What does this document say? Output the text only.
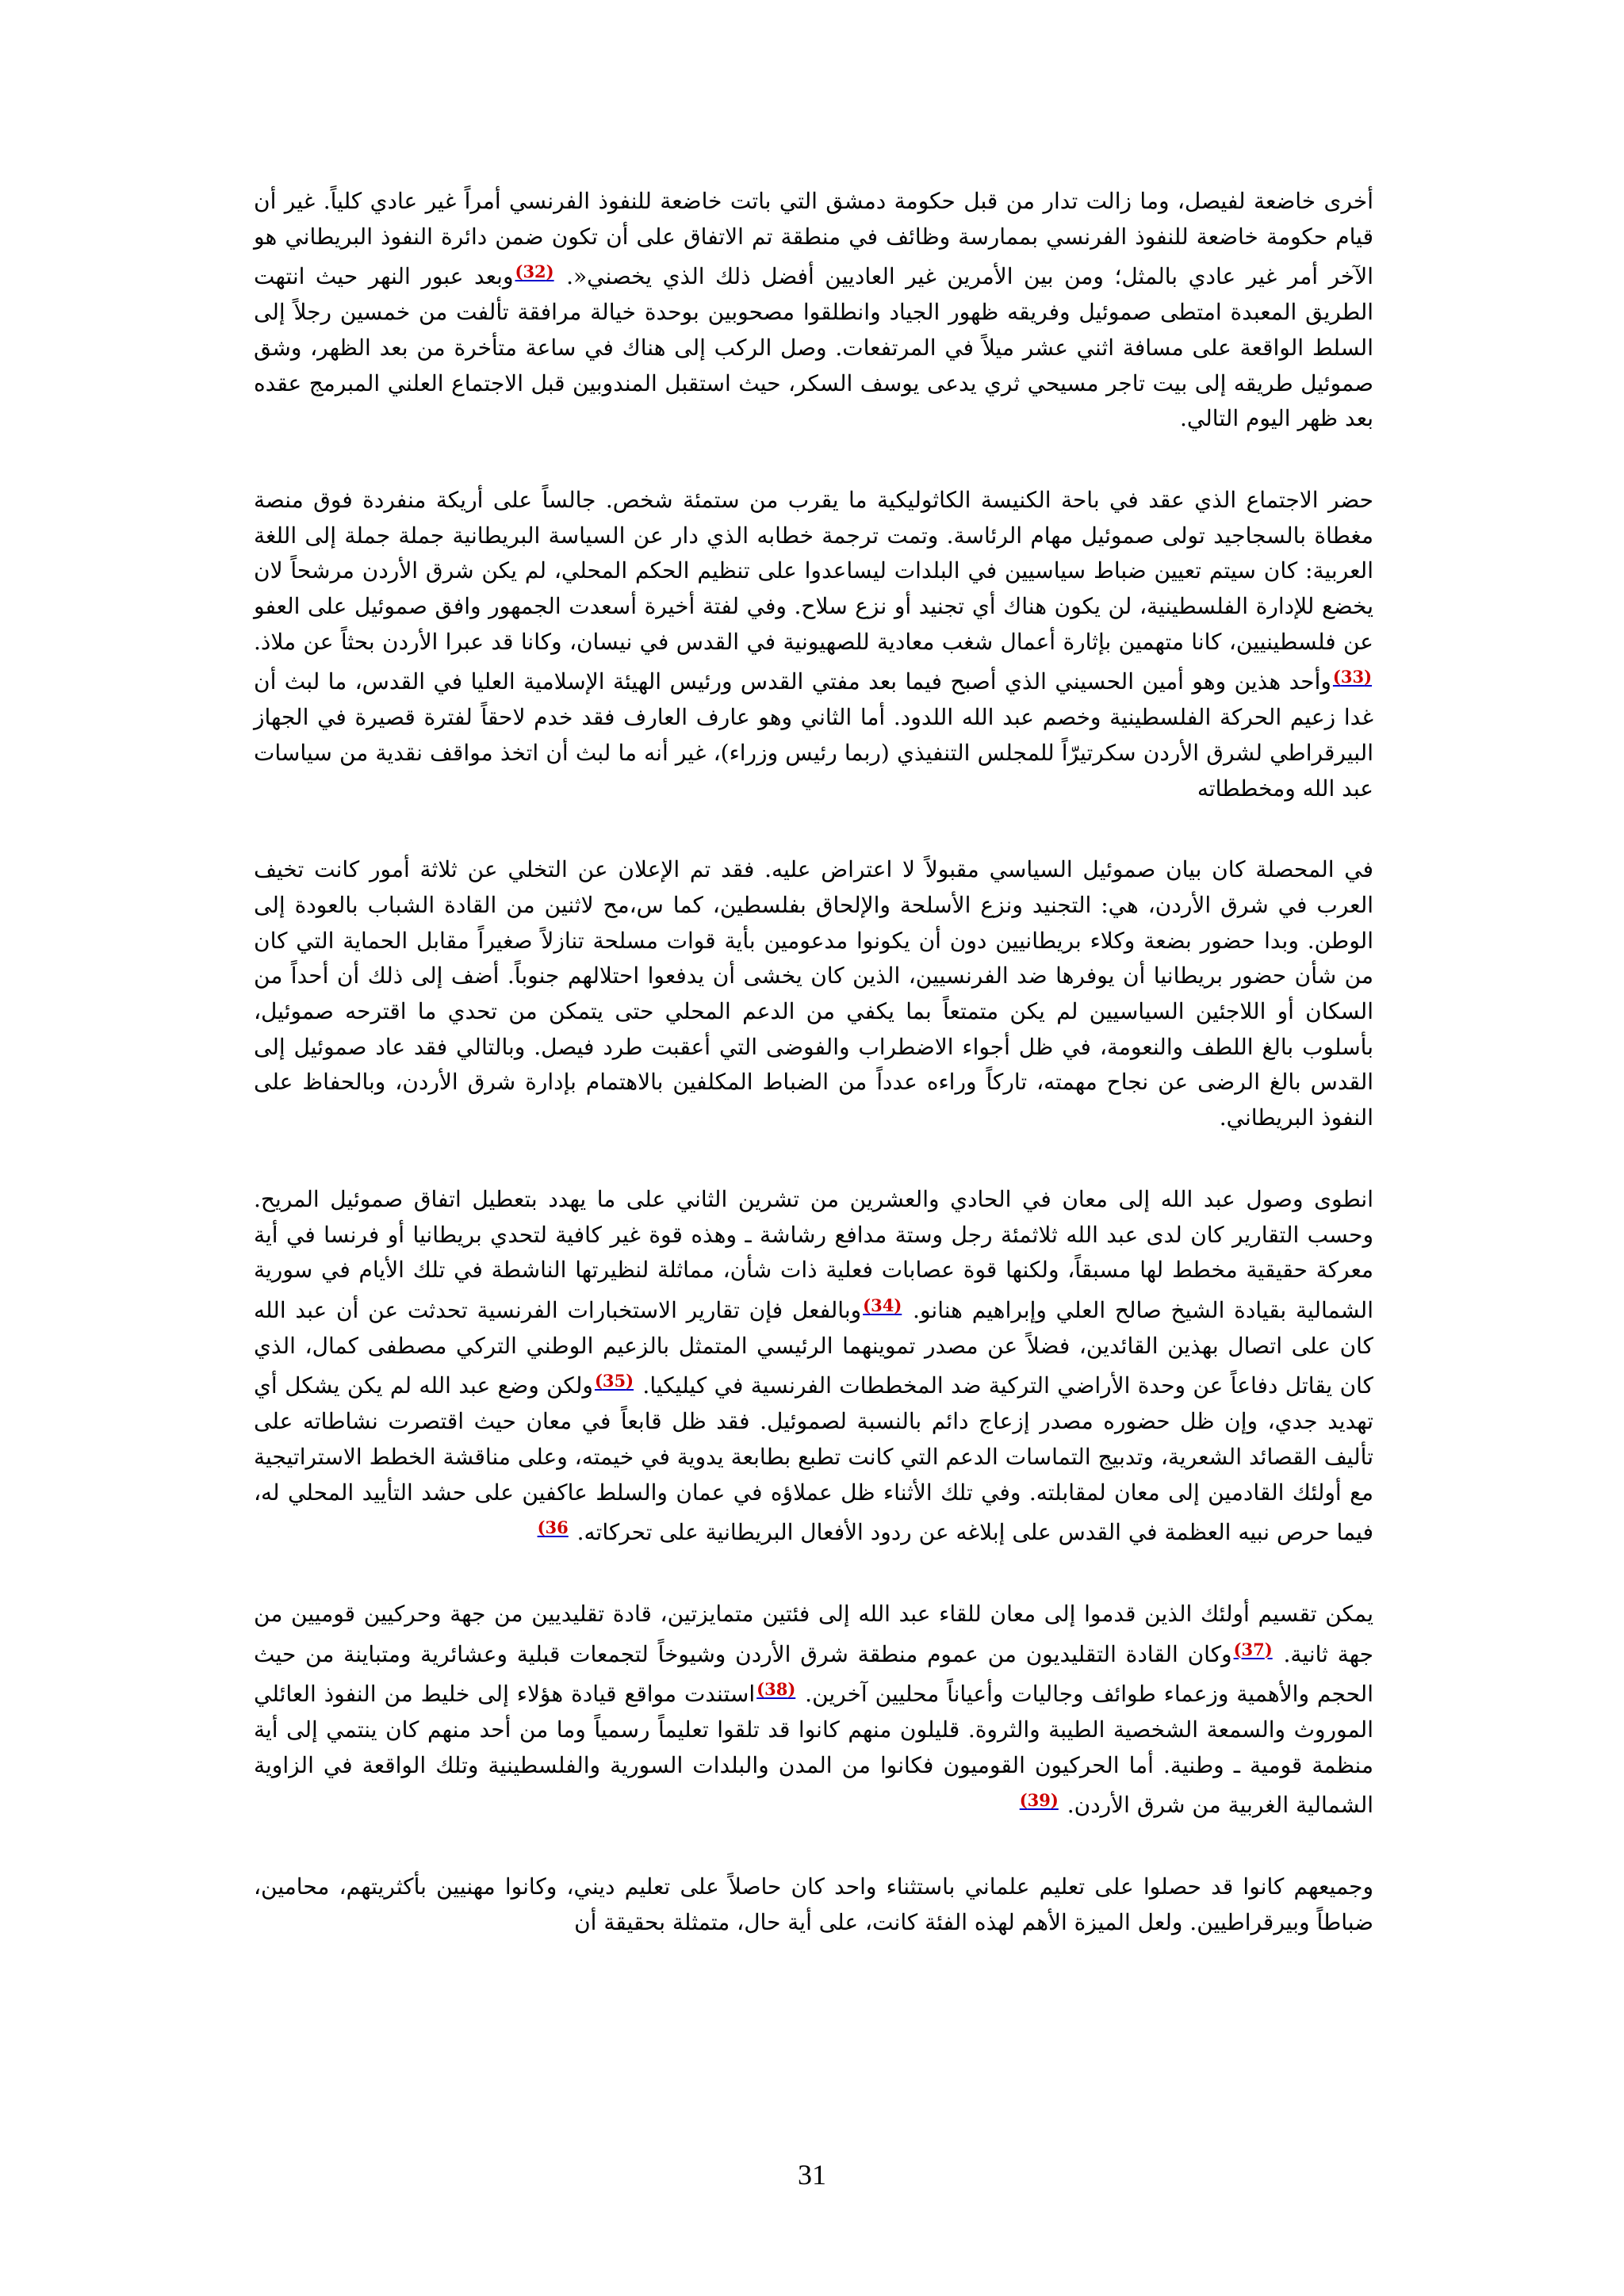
أخرى خاضعة لفيصل، وما زالت تدار من قبل حكومة دمشق التي باتت خاضعة للنفوذ الفرنسي أمراً غير عادي كلياً. غير أن قيام حكومة خاضعة للنفوذ الفرنسي بممارسة وظائف في منطقة تم الاتفاق على أن تكون ضمن دائرة النفوذ البريطاني هو الآخر أمر غير عادي بالمثل؛ ومن بين الأمرين غير العاديين أفضل ذلك الذي يخصني«. $^{(32)}$وبعد عبور النهر حيث انتهت الطريق المعبدة امتطى صموئيل وفريقه ظهور الجياد وانطلقوا مصحوبين بوحدة خيالة مرافقة تألفت من خمسين رجلاً إلى السلط الواقعة على مسافة اثني عشر ميلاً في المرتفعات. وصل الركب إلى هناك في ساعة متأخرة من بعد الظهر، وشق صموئيل طريقه إلى بيت تاجر مسيحي ثري يدعى يوسف السكر، حيث استقبل المندوبين قبل الاجتماع العلني المبرمج عقده بعد ظهر اليوم التالي.

حضر الاجتماع الذي عقد في باحة الكنيسة الكاثوليكية ما يقرب من ستمئة شخص. جالساً على أريكة منفردة فوق منصة مغطاة بالسجاجيد تولى صموئيل مهام الرئاسة. وتمت ترجمة خطابه الذي دار عن السياسة البريطانية جملة جملة إلى اللغة العربية: كان سيتم تعيين ضباط سياسيين في البلدات ليساعدوا على تنظيم الحكم المحلي، لم يكن شرق الأردن مرشحاً لان يخضع للإدارة الفلسطينية، لن يكون هناك أي تجنيد أو نزع سلاح. وفي لفتة أخيرة أسعدت الجمهور وافق صموئيل على العفو عن فلسطينيين، كانا متهمين بإثارة أعمال شغب معادية للصهيونية في القدس في نيسان، وكانا قد عبرا الأردن بحثاً عن ملاذ. $^{(33)}$وأحد هذين وهو أمين الحسيني الذي أصبح فيما بعد مفتي القدس ورئيس الهيئة الإسلامية العليا في القدس، ما لبث أن غدا زعيم الحركة الفلسطينية وخصم عبد الله اللدود. أما الثاني وهو عارف العارف فقد خدم لاحقاً لفترة قصيرة في الجهاز البيرقراطي لشرق الأردن سكرتيرّاً للمجلس التنفيذي (ربما رئيس وزراء)، غير أنه ما لبث أن اتخذ مواقف نقدية من سياسات عبد الله ومخططاته

في المحصلة كان بيان صموئيل السياسي مقبولاً لا اعتراض عليه. فقد تم الإعلان عن التخلي عن ثلاثة أمور كانت تخيف العرب في شرق الأردن، هي: التجنيد ونزع الأسلحة والإلحاق بفلسطين، كما س،مح لاثنين من القادة الشباب بالعودة إلى الوطن. وبدا حضور بضعة وكلاء بريطانيين دون أن يكونوا مدعومين بأية قوات مسلحة تنازلاً صغيراً مقابل الحماية التي كان من شأن حضور بريطانيا أن يوفرها ضد الفرنسيين، الذين كان يخشى أن يدفعوا احتلالهم جنوباً. أضف إلى ذلك أن أحداً من السكان أو اللاجئين السياسيين لم يكن متمتعاً بما يكفي من الدعم المحلي حتى يتمكن من تحدي ما اقترحه صموئيل، بأسلوب بالغ اللطف والنعومة، في ظل أجواء الاضطراب والفوضى التي أعقبت طرد فيصل. وبالتالي فقد عاد صموئيل إلى القدس بالغ الرضى عن نجاح مهمته، تاركاً وراءه عدداً من الضباط المكلفين بالاهتمام بإدارة شرق الأردن، وبالحفاظ على النفوذ البريطاني.

انطوى وصول عبد الله إلى معان في الحادي والعشرين من تشرين الثاني على ما يهدد بتعطيل اتفاق صموئيل المريح. وحسب التقارير كان لدى عبد الله ثلاثمئة رجل وستة مدافع رشاشة ـ وهذه قوة غير كافية لتحدي بريطانيا أو فرنسا في أية معركة حقيقية مخطط لها مسبقاً، ولكنها قوة عصابات فعلية ذات شأن، مماثلة لنظيرتها الناشطة في تلك الأيام في سورية الشمالية بقيادة الشيخ صالح العلي وإبراهيم هنانو. $^{(34)}$وبالفعل فإن تقارير الاستخبارات الفرنسية تحدثت عن أن عبد الله كان على اتصال بهذين القائدين، فضلاً عن مصدر تموينهما الرئيسي المتمثل بالزعيم الوطني التركي مصطفى كمال، الذي كان يقاتل دفاعاً عن وحدة الأراضي التركية ضد المخططات الفرنسية في كيليكيا. $^{(35)}$ولكن وضع عبد الله لم يكن يشكل أي تهديد جدي، وإن ظل حضوره مصدر إزعاج دائم بالنسبة لصموئيل. فقد ظل قابعاً في معان حيث اقتصرت نشاطاته على تأليف القصائد الشعرية، وتدبيج التماسات الدعم التي كانت تطبع بطابعة يدوية في خيمته، وعلى مناقشة الخطط الاستراتيجية مع أولئك القادمين إلى معان لمقابلته. وفي تلك الأثناء ظل عملاؤه في عمان والسلط عاكفين على حشد التأييد المحلي له، فيما حرص نبيه العظمة في القدس على إبلاغه عن ردود الأفعال البريطانية على تحركاته. $^{36)}$

يمكن تقسيم أولئك الذين قدموا إلى معان للقاء عبد الله إلى فئتين متمايزتين، قادة تقليديين من جهة وحركيين قوميين من جهة ثانية. $^{(37)}$وكان القادة التقليديون من عموم منطقة شرق الأردن وشيوخاً لتجمعات قبلية وعشائرية ومتباينة من حيث الحجم والأهمية وزعماء طوائف وجاليات وأعياناً محليين آخرين. $^{(38)}$استندت مواقع قيادة هؤلاء إلى خليط من النفوذ العائلي الموروث والسمعة الشخصية الطيبة والثروة. قليلون منهم كانوا قد تلقوا تعليماً رسمياً وما من أحد منهم كان ينتمي إلى أية منظمة قومية ـ وطنية. أما الحركيون القوميون فكانوا من المدن والبلدات السورية والفلسطينية وتلك الواقعة في الزاوية الشمالية الغربية من شرق الأردن. $^{(39)}$

وجميعهم كانوا قد حصلوا على تعليم علماني باستثناء واحد كان حاصلاً على تعليم ديني، وكانوا مهنيين بأكثريتهم، محامين، ضباطاً وبيرقراطيين. ولعل الميزة الأهم لهذه الفئة كانت، على أية حال، متمثلة بحقيقة أن

31
